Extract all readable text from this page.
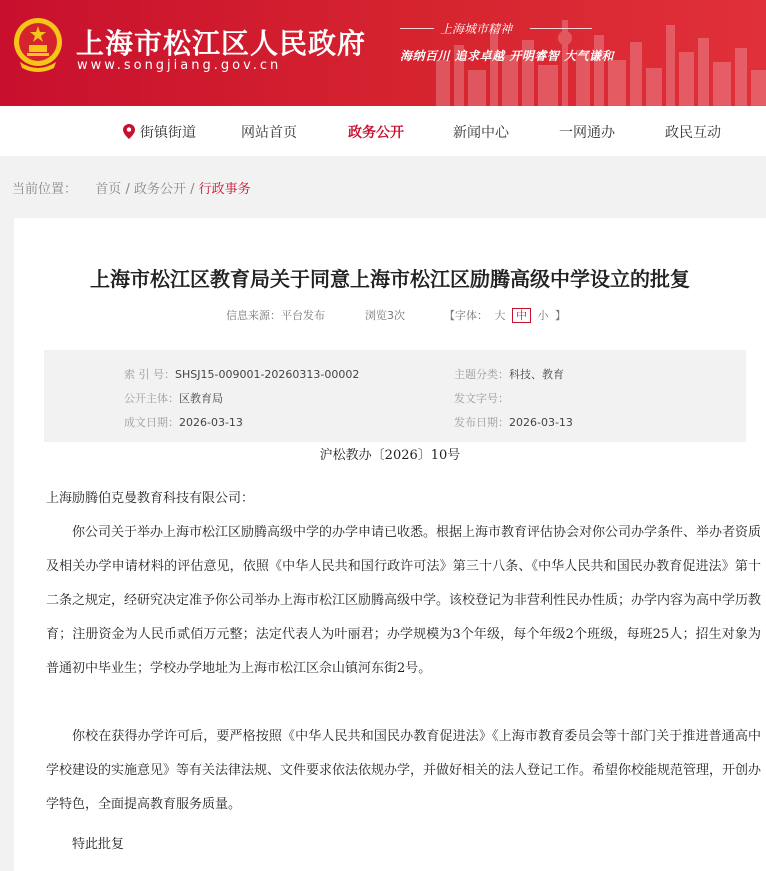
上海市松江区人民政府
www.songjiang.gov.cn
上海城市精神
海纳百川 追求卓越 开明睿智 大气谦和
街镇街道	网站首页	政务公开	新闻中心	一网通办	政民互动
当前位置： 首页 / 政务公开 / 行政事务
上海市松江区教育局关于同意上海市松江区励腾高级中学设立的批复
信息来源：平台发布	浏览3次	【字体： 大 中 小 】
索 引 号：SHSJ15-009001-20260313-00002	主题分类：科技、教育
公开主体：区教育局	发文字号：
成文日期：2026-03-13	发布日期：2026-03-13
沪松教办〔2026〕10号
上海励腾伯克曼教育科技有限公司：
你公司关于举办上海市松江区励腾高级中学的办学申请已收悉。根据上海市教育评估协会对你公司办学条件、举办者资质及相关办学申请材料的评估意见，依照《中华人民共和国行政许可法》第三十八条、《中华人民共和国民办教育促进法》第十二条之规定，经研究决定准予你公司举办上海市松江区励腾高级中学。该校登记为非营利性民办性质；办学内容为高中学历教育；注册资金为人民币贰佰万元整；法定代表人为叶丽君；办学规模为3个年级，每个年级2个班级，每班25人；招生对象为普通初中毕业生；学校办学地址为上海市松江区佘山镇河东街2号。
你校在获得办学许可后，要严格按照《中华人民共和国民办教育促进法》《上海市教育委员会等十部门关于推进普通高中学校建设的实施意见》等有关法律法规、文件要求依法依规办学，并做好相关的法人登记工作。希望你校能规范管理，开创办学特色，全面提高教育服务质量。
特此批复
